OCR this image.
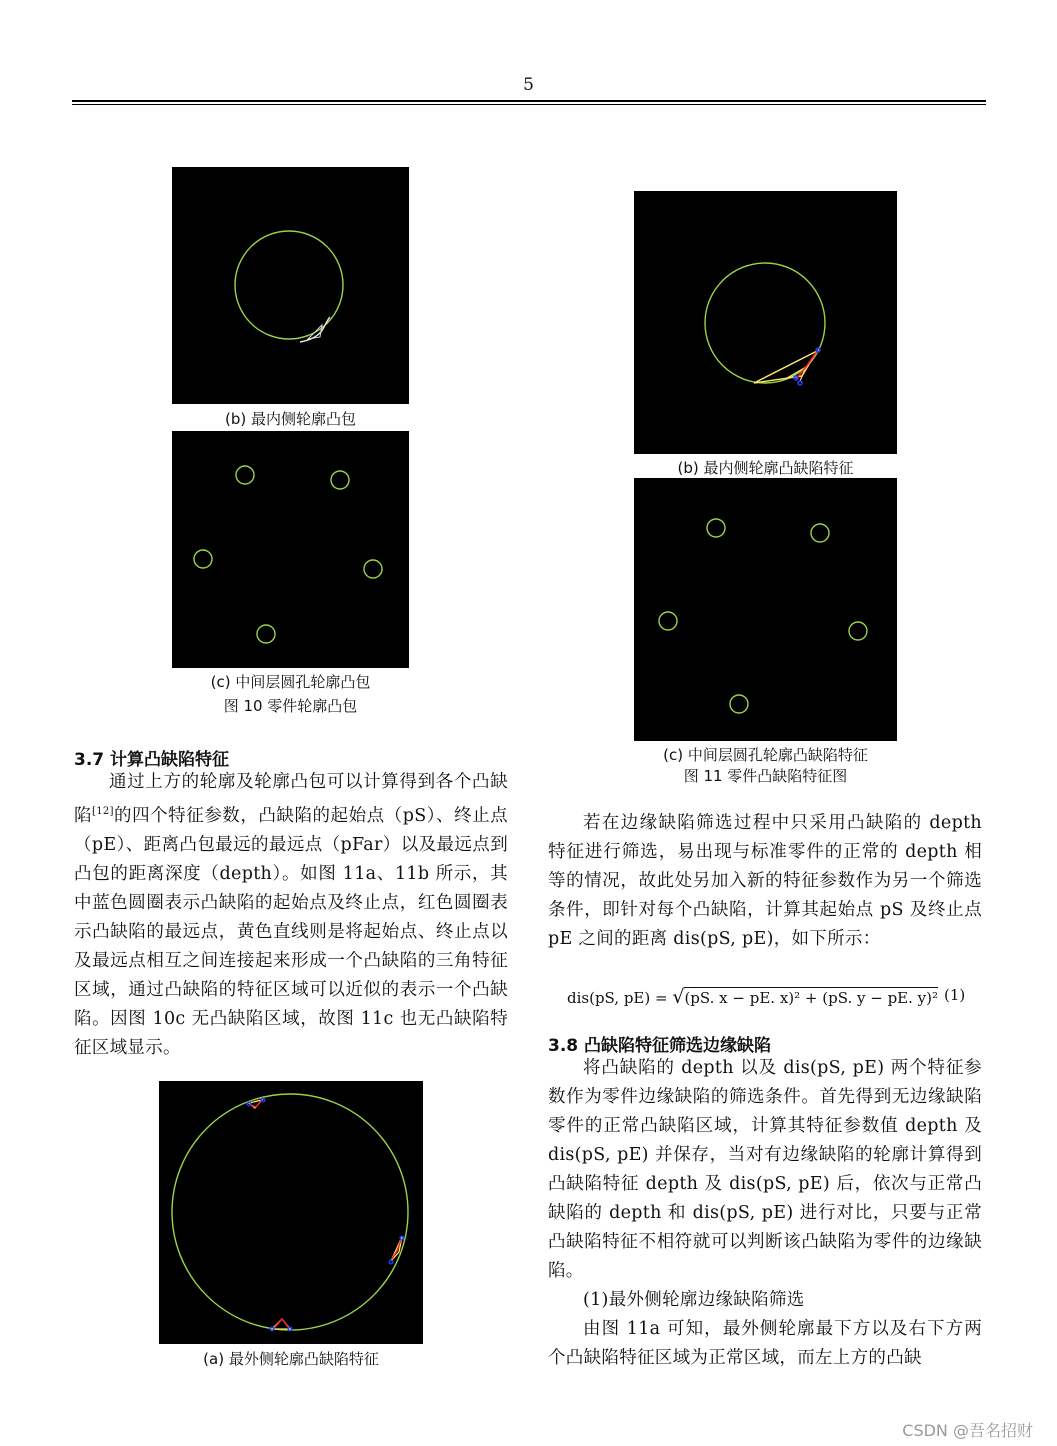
5
(b) 最内侧轮廓凸包
(c) 中间层圆孔轮廓凸包
图 10 零件轮廓凸包
(b) 最内侧轮廓凸缺陷特征
(c) 中间层圆孔轮廓凸缺陷特征
图 11 零件凸缺陷特征图
3.7 计算凸缺陷特征

通过上方的轮廓及轮廓凸包可以计算得到各个凸缺陷[12]的四个特征参数，凸缺陷的起始点（pS）、终止点（pE）、距离凸包最远的最远点（pFar）以及最远点到凸包的距离深度（depth）。如图 11a、11b 所示，其中蓝色圆圈表示凸缺陷的起始点及终止点，红色圆圈表示凸缺陷的最远点，黄色直线则是将起始点、终止点以及最远点相互之间连接起来形成一个凸缺陷的三角特征区域，通过凸缺陷的特征区域可以近似的表示一个凸缺陷。因图 10c 无凸缺陷区域，故图 11c 也无凸缺陷特征区域显示。

(a) 最外侧轮廓凸缺陷特征

若在边缘缺陷筛选过程中只采用凸缺陷的 depth 特征进行筛选，易出现与标准零件的正常的 depth 相等的情况，故此处另加入新的特征参数作为另一个筛选条件，即针对每个凸缺陷，计算其起始点 pS 及终止点 pE 之间的距离 dis(pS, pE)，如下所示：

dis(pS, pE) = √(pS. x − pE. x)² + (pS. y − pE. y)² (1)
3.8 凸缺陷特征筛选边缘缺陷

将凸缺陷的 depth 以及 dis(pS, pE) 两个特征参数作为零件边缘缺陷的筛选条件。首先得到无边缘缺陷零件的正常凸缺陷区域，计算其特征参数值 depth 及 dis(pS, pE) 并保存，当对有边缘缺陷的轮廓计算得到凸缺陷特征 depth 及 dis(pS, pE) 后，依次与正常凸缺陷的 depth 和 dis(pS, pE) 进行对比，只要与正常凸缺陷特征不相符就可以判断该凸缺陷为零件的边缘缺陷。

(1)最外侧轮廓边缘缺陷筛选

由图 11a 可知，最外侧轮廓最下方以及右下方两个凸缺陷特征区域为正常区域，而左上方的凸缺

CSDN @吾名招财
